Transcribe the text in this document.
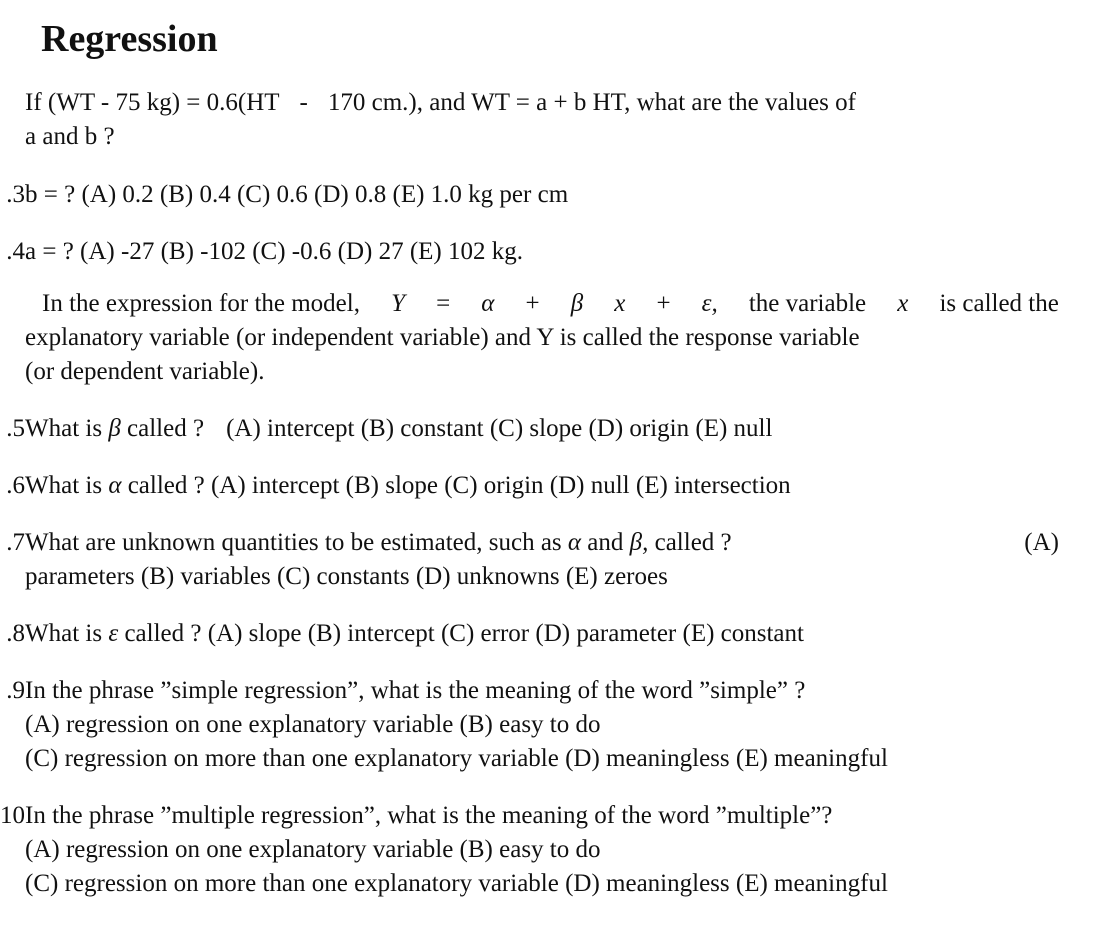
Regression
If (WT - 75 kg) = 0.6(HT - 170 cm.), and WT = a + b HT, what are the values of
a and b ?
3. b = ? (A) 0.2 (B) 0.4 (C) 0.6 (D) 0.8 (E) 1.0 kg per cm
4. a = ? (A) -27 (B) -102 (C) -0.6 (D) 27 (E) 102 kg.
In the expression for the model, Y = α + β x + ε, the variable x is called the
explanatory variable (or independent variable) and Y is called the response variable
(or dependent variable).
5. What is β called ? (A) intercept (B) constant (C) slope (D) origin (E) null
6. What is α called ? (A) intercept (B) slope (C) origin (D) null (E) intersection
7. What are unknown quantities to be estimated, such as α and β, called ?	(A)
parameters (B) variables (C) constants (D) unknowns (E) zeroes
8. What is ε called ? (A) slope (B) intercept (C) error (D) parameter (E) constant
9. In the phrase ”simple regression”, what is the meaning of the word ”simple” ?
(A) regression on one explanatory variable (B) easy to do
(C) regression on more than one explanatory variable (D) meaningless (E) meaningful
10 In the phrase ”multiple regression”, what is the meaning of the word ”multiple”?
(A) regression on one explanatory variable (B) easy to do
(C) regression on more than one explanatory variable (D) meaningless (E) meaningful
